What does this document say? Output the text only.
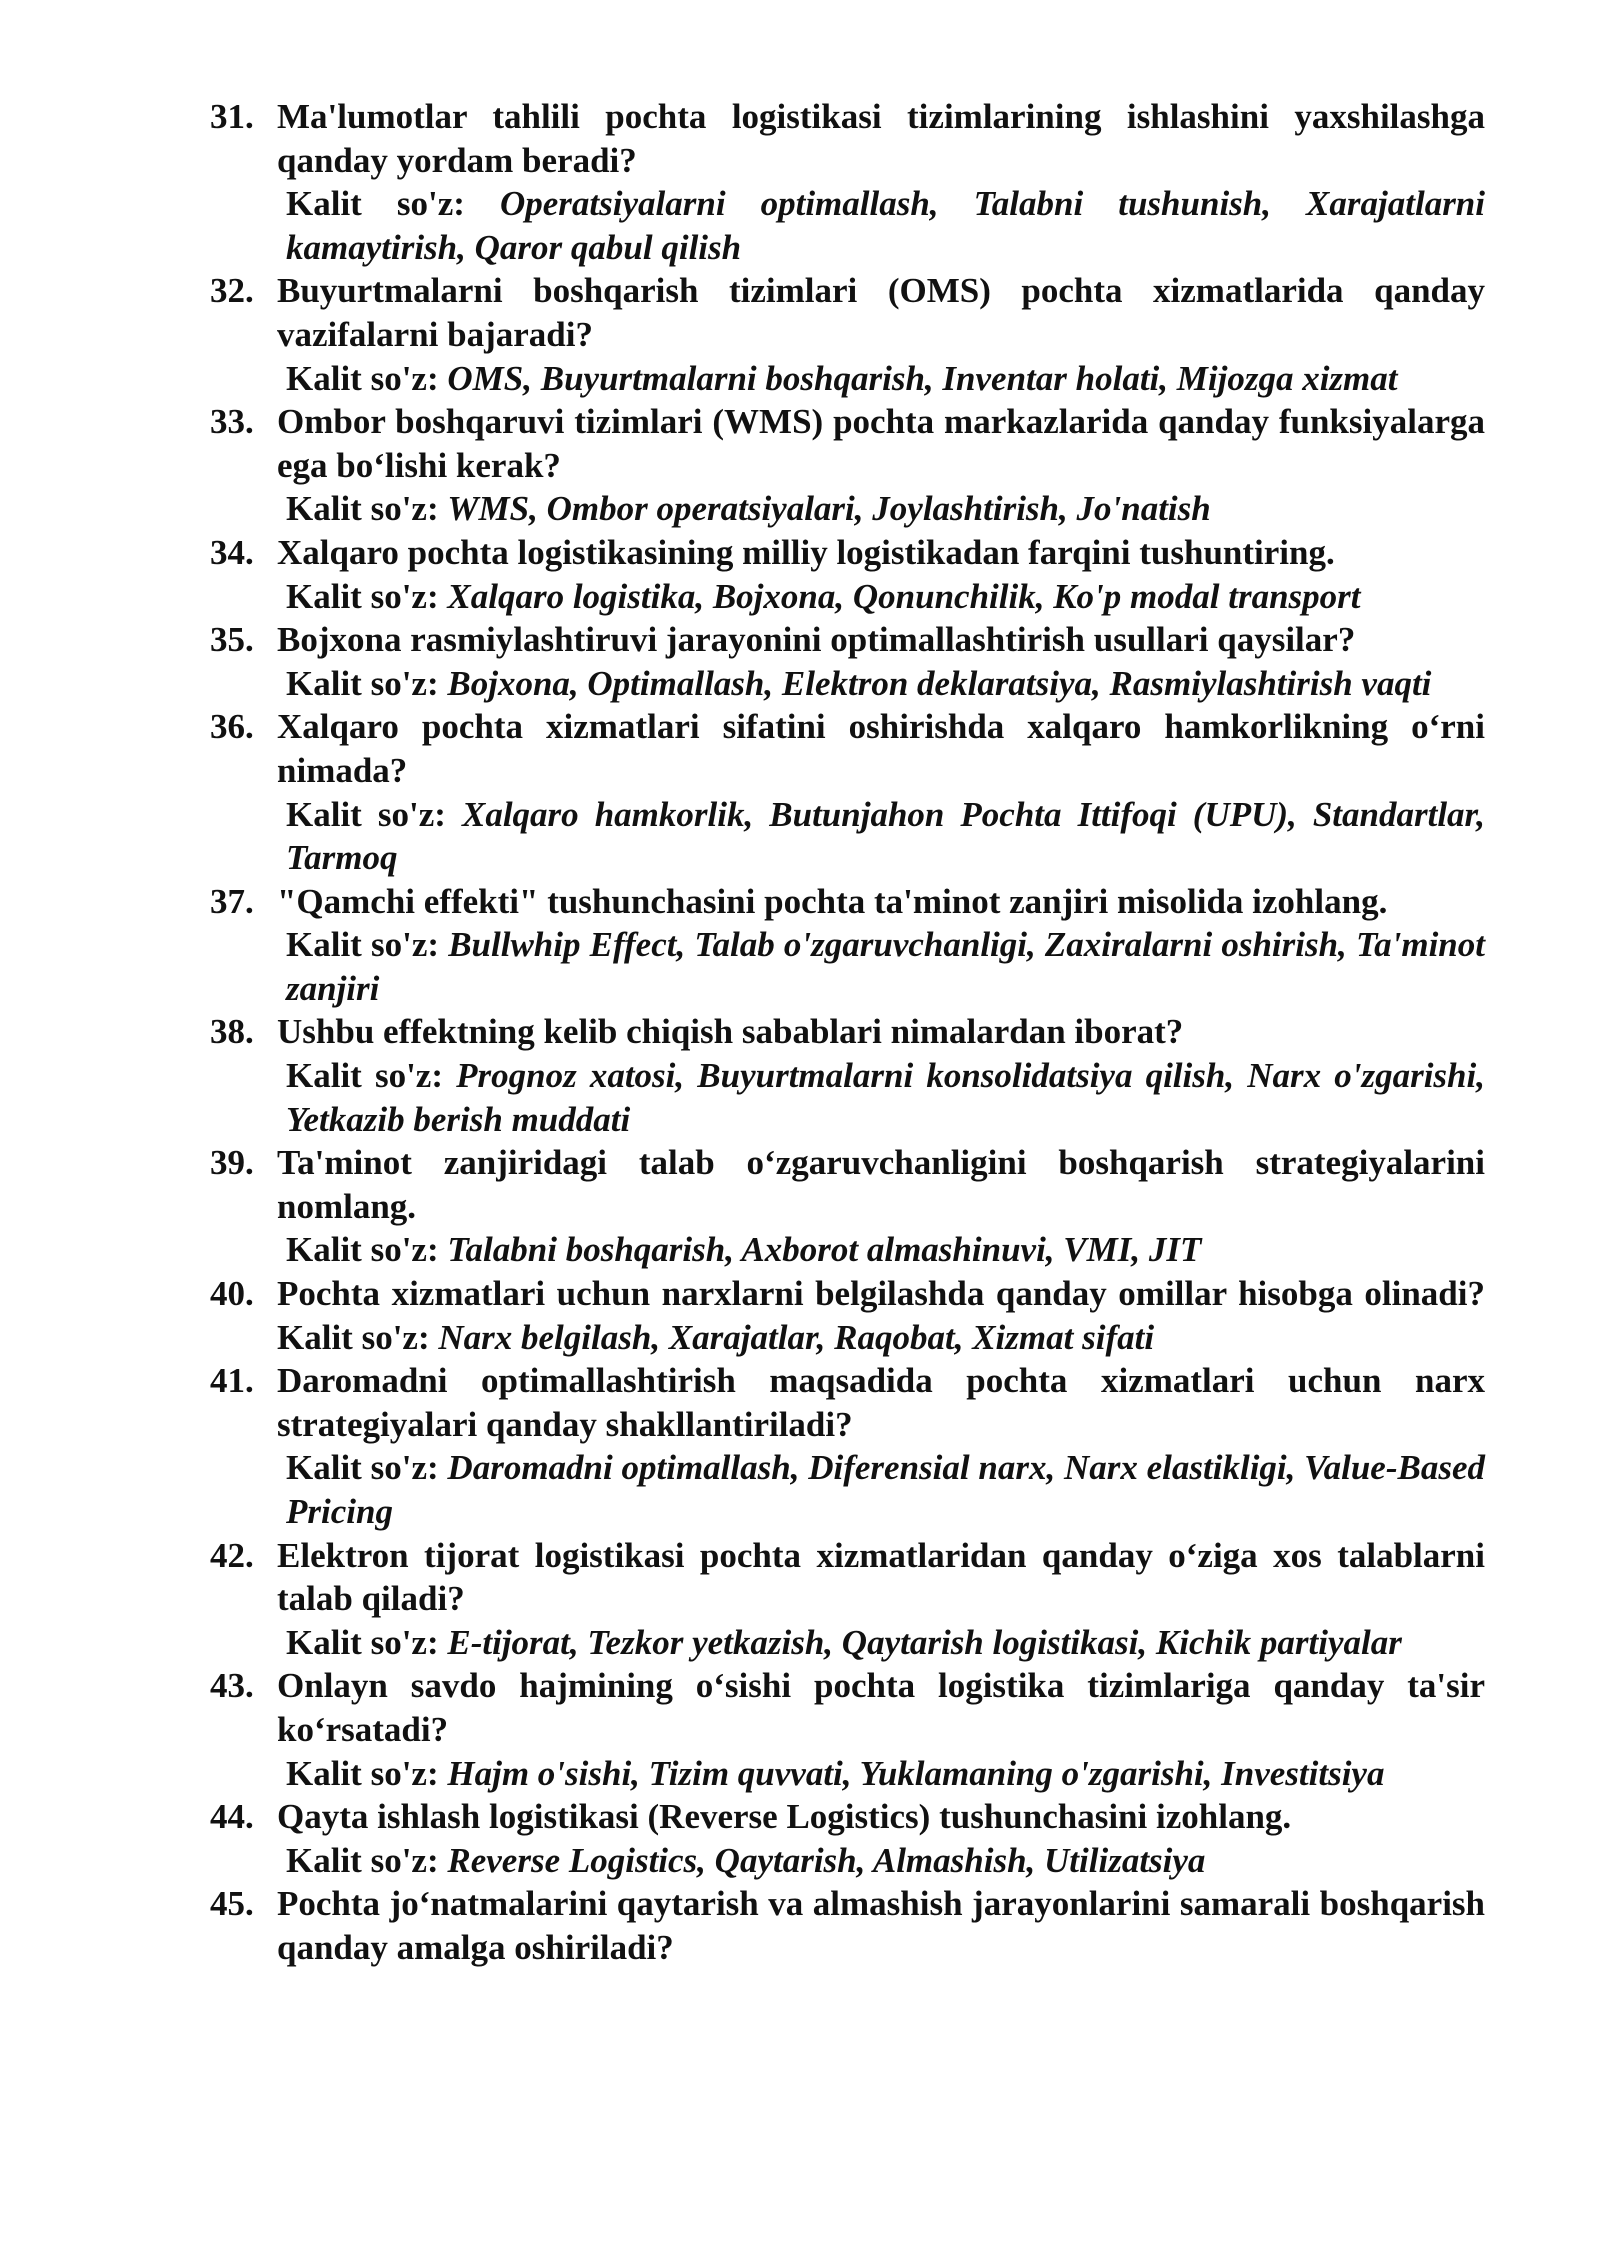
31. Ma'lumotlar tahlili pochta logistikasi tizimlarining ishlashini yaxshilashga qanday yordam beradi?
Kalit so'z: Operatsiyalarni optimallash, Talabni tushunish, Xarajatlarni kamaytirish, Qaror qabul qilish
32. Buyurtmalarni boshqarish tizimlari (OMS) pochta xizmatlarida qanday vazifalarni bajaradi?
Kalit so'z: OMS, Buyurtmalarni boshqarish, Inventar holati, Mijozga xizmat
33. Ombor boshqaruvi tizimlari (WMS) pochta markazlarida qanday funksiyalarga ega bo‘lishi kerak?
Kalit so'z: WMS, Ombor operatsiyalari, Joylashtirish, Jo'natish
34. Xalqaro pochta logistikasining milliy logistikadan farqini tushuntiring.
Kalit so'z: Xalqaro logistika, Bojxona, Qonunchilik, Ko'p modal transport
35. Bojxona rasmiylashtiruvi jarayonini optimallashtirish usullari qaysilar?
Kalit so'z: Bojxona, Optimallash, Elektron deklaratsiya, Rasmiylashtirish vaqti
36. Xalqaro pochta xizmatlari sifatini oshirishda xalqaro hamkorlikning o‘rni nimada?
Kalit so'z: Xalqaro hamkorlik, Butunjahon Pochta Ittifoqi (UPU), Standartlar, Tarmoq
37. "Qamchi effekti" tushunchasini pochta ta'minot zanjiri misolida izohlang.
Kalit so'z: Bullwhip Effect, Talab o'zgaruvchanligi, Zaxiralarni oshirish, Ta'minot zanjiri
38. Ushbu effektning kelib chiqish sabablari nimalardan iborat?
Kalit so'z: Prognoz xatosi, Buyurtmalarni konsolidatsiya qilish, Narx o'zgarishi, Yetkazib berish muddati
39. Ta'minot zanjiridagi talab o‘zgaruvchanligini boshqarish strategiyalarini nomlang.
Kalit so'z: Talabni boshqarish, Axborot almashinuvi, VMI, JIT
40. Pochta xizmatlari uchun narxlarni belgilashda qanday omillar hisobga olinadi? Kalit so'z: Narx belgilash, Xarajatlar, Raqobat, Xizmat sifati
41. Daromadni optimallashtirish maqsadida pochta xizmatlari uchun narx strategiyalari qanday shakllantiriladi?
Kalit so'z: Daromadni optimallash, Diferensial narx, Narx elastikligi, Value-Based Pricing
42. Elektron tijorat logistikasi pochta xizmatlaridan qanday o‘ziga xos talablarni talab qiladi?
Kalit so'z: E-tijorat, Tezkor yetkazish, Qaytarish logistikasi, Kichik partiyalar
43. Onlayn savdo hajmining o‘sishi pochta logistika tizimlariga qanday ta'sir ko‘rsatadi?
Kalit so'z: Hajm o'sishi, Tizim quvvati, Yuklamaning o'zgarishi, Investitsiya
44. Qayta ishlash logistikasi (Reverse Logistics) tushunchasini izohlang.
Kalit so'z: Reverse Logistics, Qaytarish, Almashish, Utilizatsiya
45. Pochta jo‘natmalarini qaytarish va almashish jarayonlarini samarali boshqarish qanday amalga oshiriladi?
